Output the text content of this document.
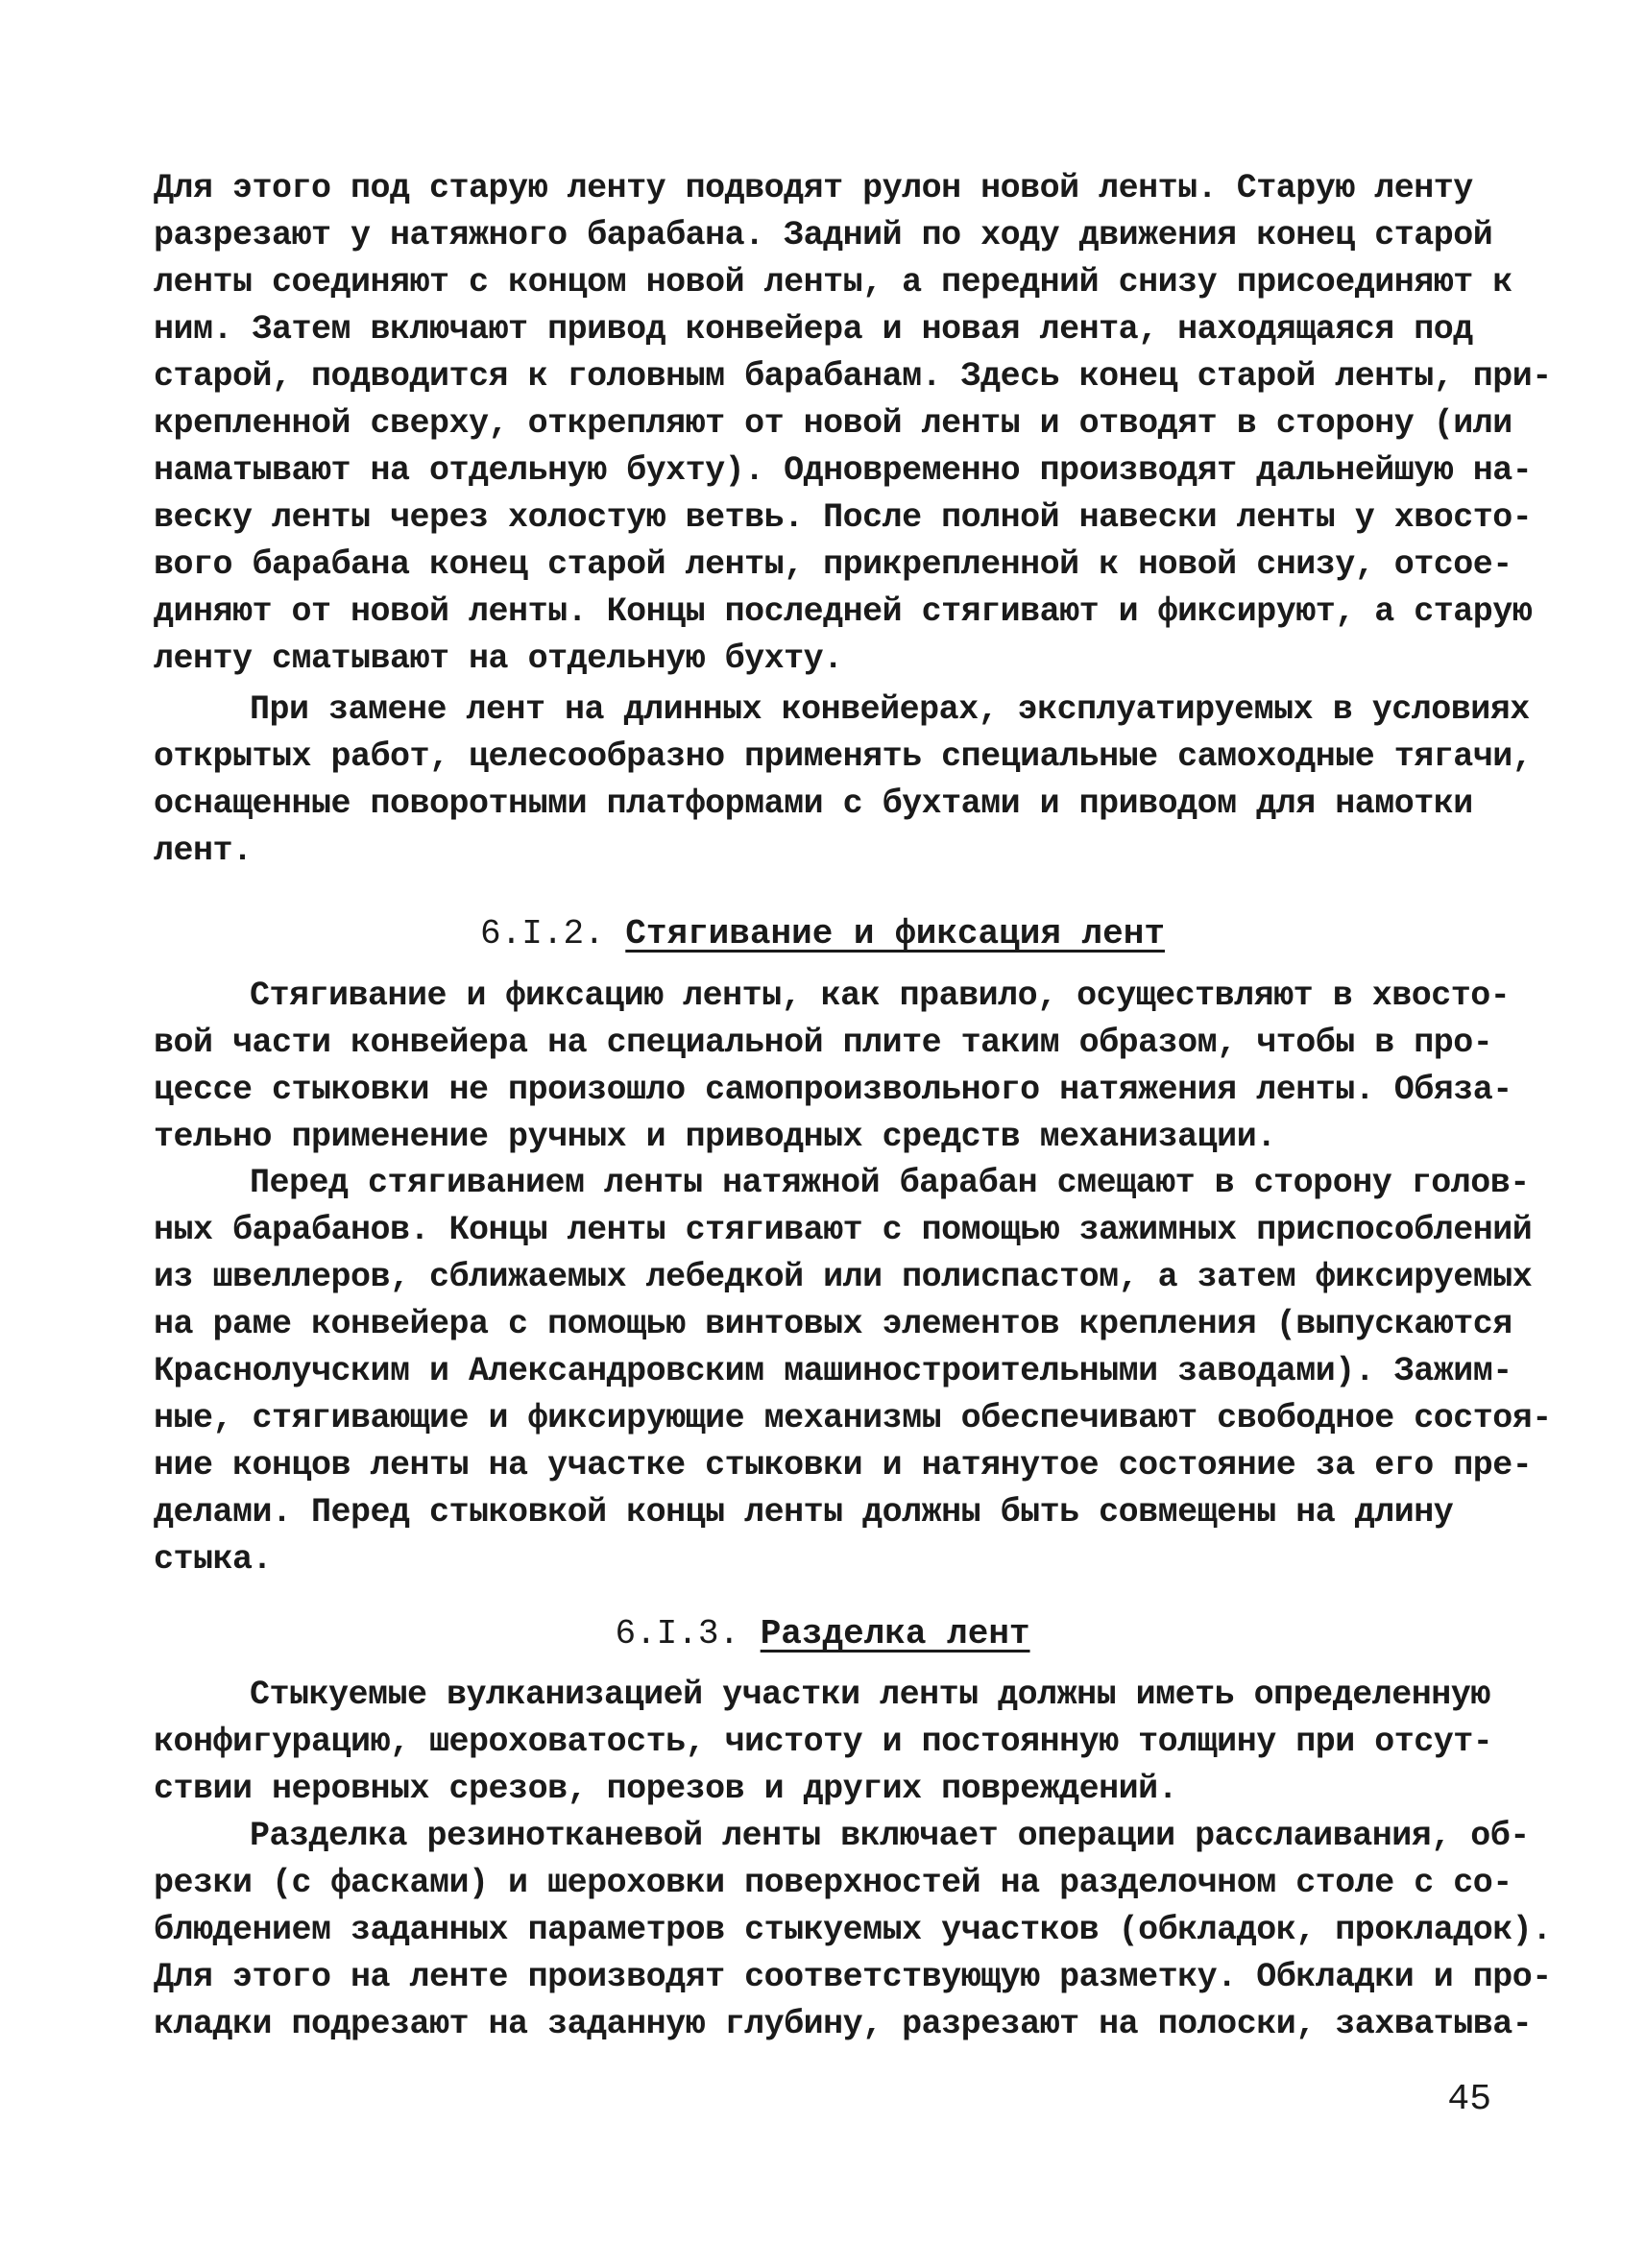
Для этого под старую ленту подводят рулон новой ленты. Старую ленту
разрезают у натяжного барабана. Задний по ходу движения конец старой
ленты соединяют с концом новой ленты, а передний снизу присоединяют к
ним. Затем включают привод конвейера и новая лента, находящаяся под
старой, подводится к головным барабанам. Здесь конец старой ленты, при-
крепленной сверху, открепляют от новой ленты и отводят в сторону (или
наматывают на отдельную бухту). Одновременно производят дальнейшую на-
веску ленты через холостую ветвь. После полной навески ленты у хвосто-
вого барабана конец старой ленты, прикрепленной к новой снизу, отсое-
диняют от новой ленты. Концы последней стягивают и фиксируют, а старую
ленту сматывают на отдельную бухту.
При замене лент на длинных конвейерах, эксплуатируемых в условиях
открытых работ, целесообразно применять специальные самоходные тягачи,
оснащенные поворотными платформами с бухтами и приводом для намотки
лент.
6.I.2. Стягивание и фиксация лент
Стягивание и фиксацию ленты, как правило, осуществляют в хвосто-
вой части конвейера на специальной плите таким образом, чтобы в про-
цессе стыковки не произошло самопроизвольного натяжения ленты. Обяза-
тельно применение ручных и приводных средств механизации.
Перед стягиванием ленты натяжной барабан смещают в сторону голов-
ных барабанов. Концы ленты стягивают с помощью зажимных приспособлений
из швеллеров, сближаемых лебедкой или полиспастом, а затем фиксируемых
на раме конвейера с помощью винтовых элементов крепления (выпускаются
Краснолучским и Александровским машиностроительными заводами). Зажим-
ные, стягивающие и фиксирующие механизмы обеспечивают свободное состоя-
ние концов ленты на участке стыковки и натянутое состояние за его пре-
делами. Перед стыковкой концы ленты должны быть совмещены на длину
стыка.
6.I.3. Разделка лент
Стыкуемые вулканизацией участки ленты должны иметь определенную
конфигурацию, шероховатость, чистоту и постоянную толщину при отсут-
ствии неровных срезов, порезов и других повреждений.
Разделка резинотканевой ленты включает операции расслаивания, об-
резки (с фасками) и шероховки поверхностей на разделочном столе с со-
блюдением заданных параметров стыкуемых участков (обкладок, прокладок).
Для этого на ленте производят соответствующую разметку. Обкладки и про-
кладки подрезают на заданную глубину, разрезают на полоски, захватыва-
45
